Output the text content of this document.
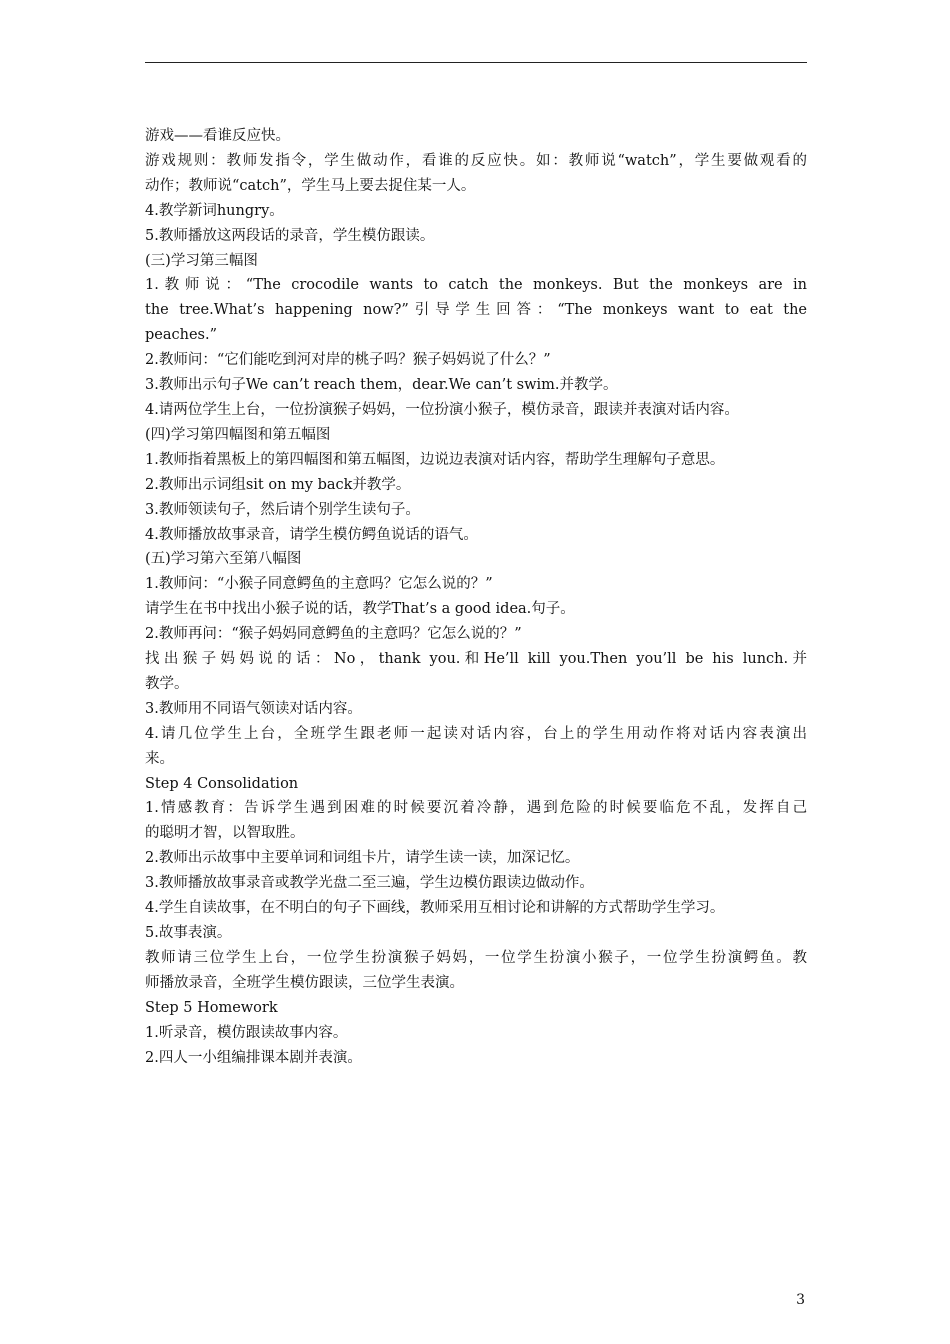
游戏——看谁反应快。

游戏规则：教师发指令，学生做动作，看谁的反应快。如：教师说“watch”，学生要做观看的

动作；教师说“catch”，学生马上要去捉住某一人。

4.教学新词hungry。

5.教师播放这两段话的录音，学生模仿跟读。

(三)学习第三幅图

1.教师说：“The crocodile wants to catch the monkeys. But the monkeys are in

the tree.What’s happening now?”引导学生回答：“The monkeys want to eat the

peaches.”

2.教师问：“它们能吃到河对岸的桃子吗？猴子妈妈说了什么？”

3.教师出示句子We can’t reach them，dear.We can’t swim.并教学。

4.请两位学生上台，一位扮演猴子妈妈，一位扮演小猴子，模仿录音，跟读并表演对话内容。

(四)学习第四幅图和第五幅图

1.教师指着黑板上的第四幅图和第五幅图，边说边表演对话内容，帮助学生理解句子意思。

2.教师出示词组sit on my back并教学。

3.教师领读句子，然后请个别学生读句子。

4.教师播放故事录音，请学生模仿鳄鱼说话的语气。

(五)学习第六至第八幅图

1.教师问：“小猴子同意鳄鱼的主意吗？它怎么说的？”

请学生在书中找出小猴子说的话，教学That’s a good idea.句子。

2.教师再问：“猴子妈妈同意鳄鱼的主意吗？它怎么说的？”

找出猴子妈妈说的话：No，thank you.和He’ll kill you.Then you’ll be his lunch.并

教学。

3.教师用不同语气领读对话内容。

4.请几位学生上台，全班学生跟老师一起读对话内容，台上的学生用动作将对话内容表演出

来。

Step 4 Consolidation

1.情感教育：告诉学生遇到困难的时候要沉着冷静，遇到危险的时候要临危不乱，发挥自己

的聪明才智，以智取胜。

2.教师出示故事中主要单词和词组卡片，请学生读一读，加深记忆。

3.教师播放故事录音或教学光盘二至三遍，学生边模仿跟读边做动作。

4.学生自读故事，在不明白的句子下画线，教师采用互相讨论和讲解的方式帮助学生学习。

5.故事表演。

教师请三位学生上台，一位学生扮演猴子妈妈，一位学生扮演小猴子，一位学生扮演鳄鱼。教

师播放录音，全班学生模仿跟读，三位学生表演。

Step 5 Homework

1.听录音，模仿跟读故事内容。

2.四人一小组编排课本剧并表演。

3
